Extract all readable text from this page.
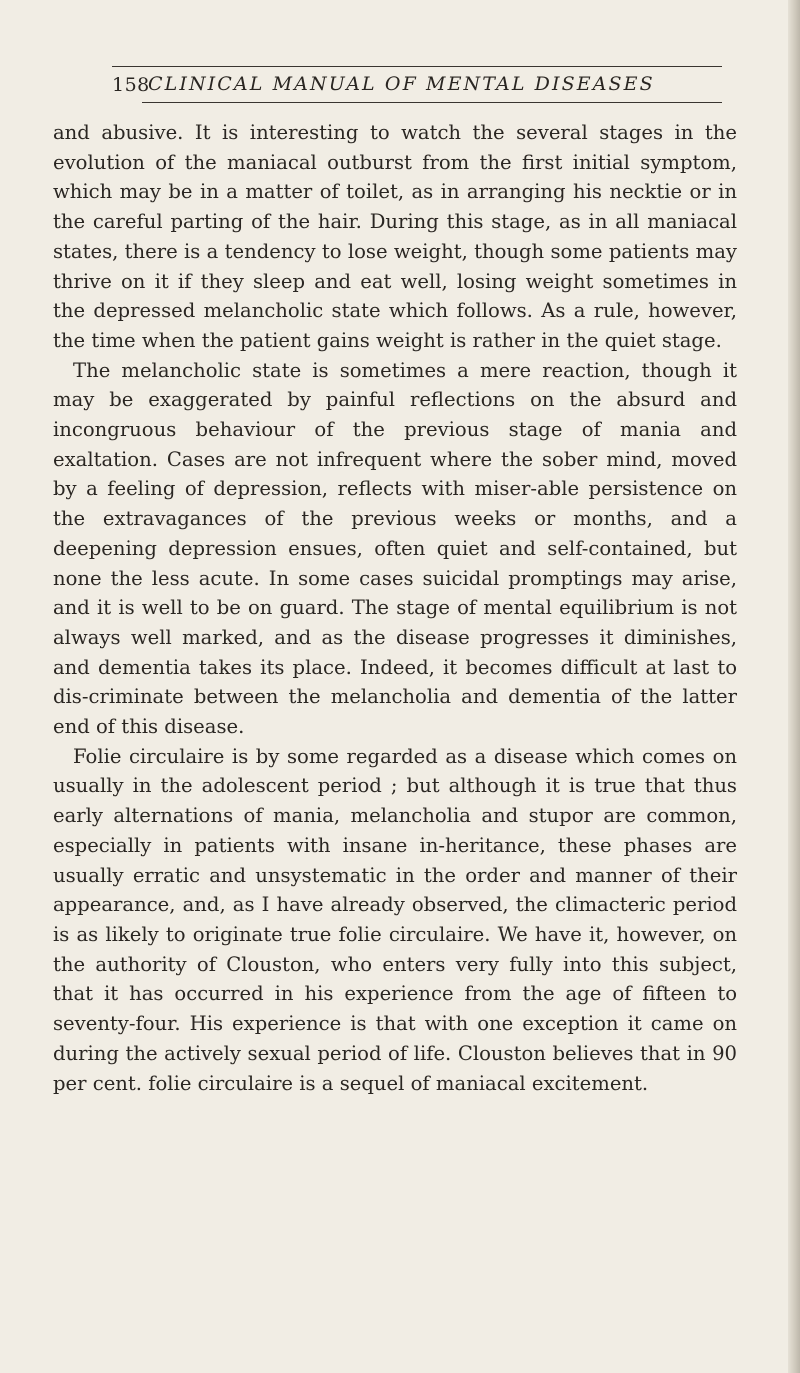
158
CLINICAL MANUAL OF MENTAL DISEASES

and abusive. It is interesting to watch the several stages in the evolution of the maniacal outburst from the first initial symptom, which may be in a matter of toilet, as in arranging his necktie or in the careful parting of the hair. During this stage, as in all maniacal states, there is a tendency to lose weight, though some patients may thrive on it if they sleep and eat well, losing weight sometimes in the depressed melancholic state which follows. As a rule, however, the time when the patient gains weight is rather in the quiet stage.

The melancholic state is sometimes a mere reaction, though it may be exaggerated by painful reflections on the absurd and incongruous behaviour of the previous stage of mania and exaltation. Cases are not infrequent where the sober mind, moved by a feeling of depression, reflects with miser-able persistence on the extravagances of the previous weeks or months, and a deepening depression ensues, often quiet and self-contained, but none the less acute. In some cases suicidal promptings may arise, and it is well to be on guard. The stage of mental equilibrium is not always well marked, and as the disease progresses it diminishes, and dementia takes its place. Indeed, it becomes difficult at last to dis-criminate between the melancholia and dementia of the latter end of this disease.

Folie circulaire is by some regarded as a disease which comes on usually in the adolescent period ; but although it is true that thus early alternations of mania, melancholia and stupor are common, especially in patients with insane in-heritance, these phases are usually erratic and unsystematic in the order and manner of their appearance, and, as I have already observed, the climacteric period is as likely to originate true folie circulaire. We have it, however, on the authority of Clouston, who enters very fully into this subject, that it has occurred in his experience from the age of fifteen to seventy-four. His experience is that with one exception it came on during the actively sexual period of life. Clouston believes that in 90 per cent. folie circulaire is a sequel of maniacal excitement.
